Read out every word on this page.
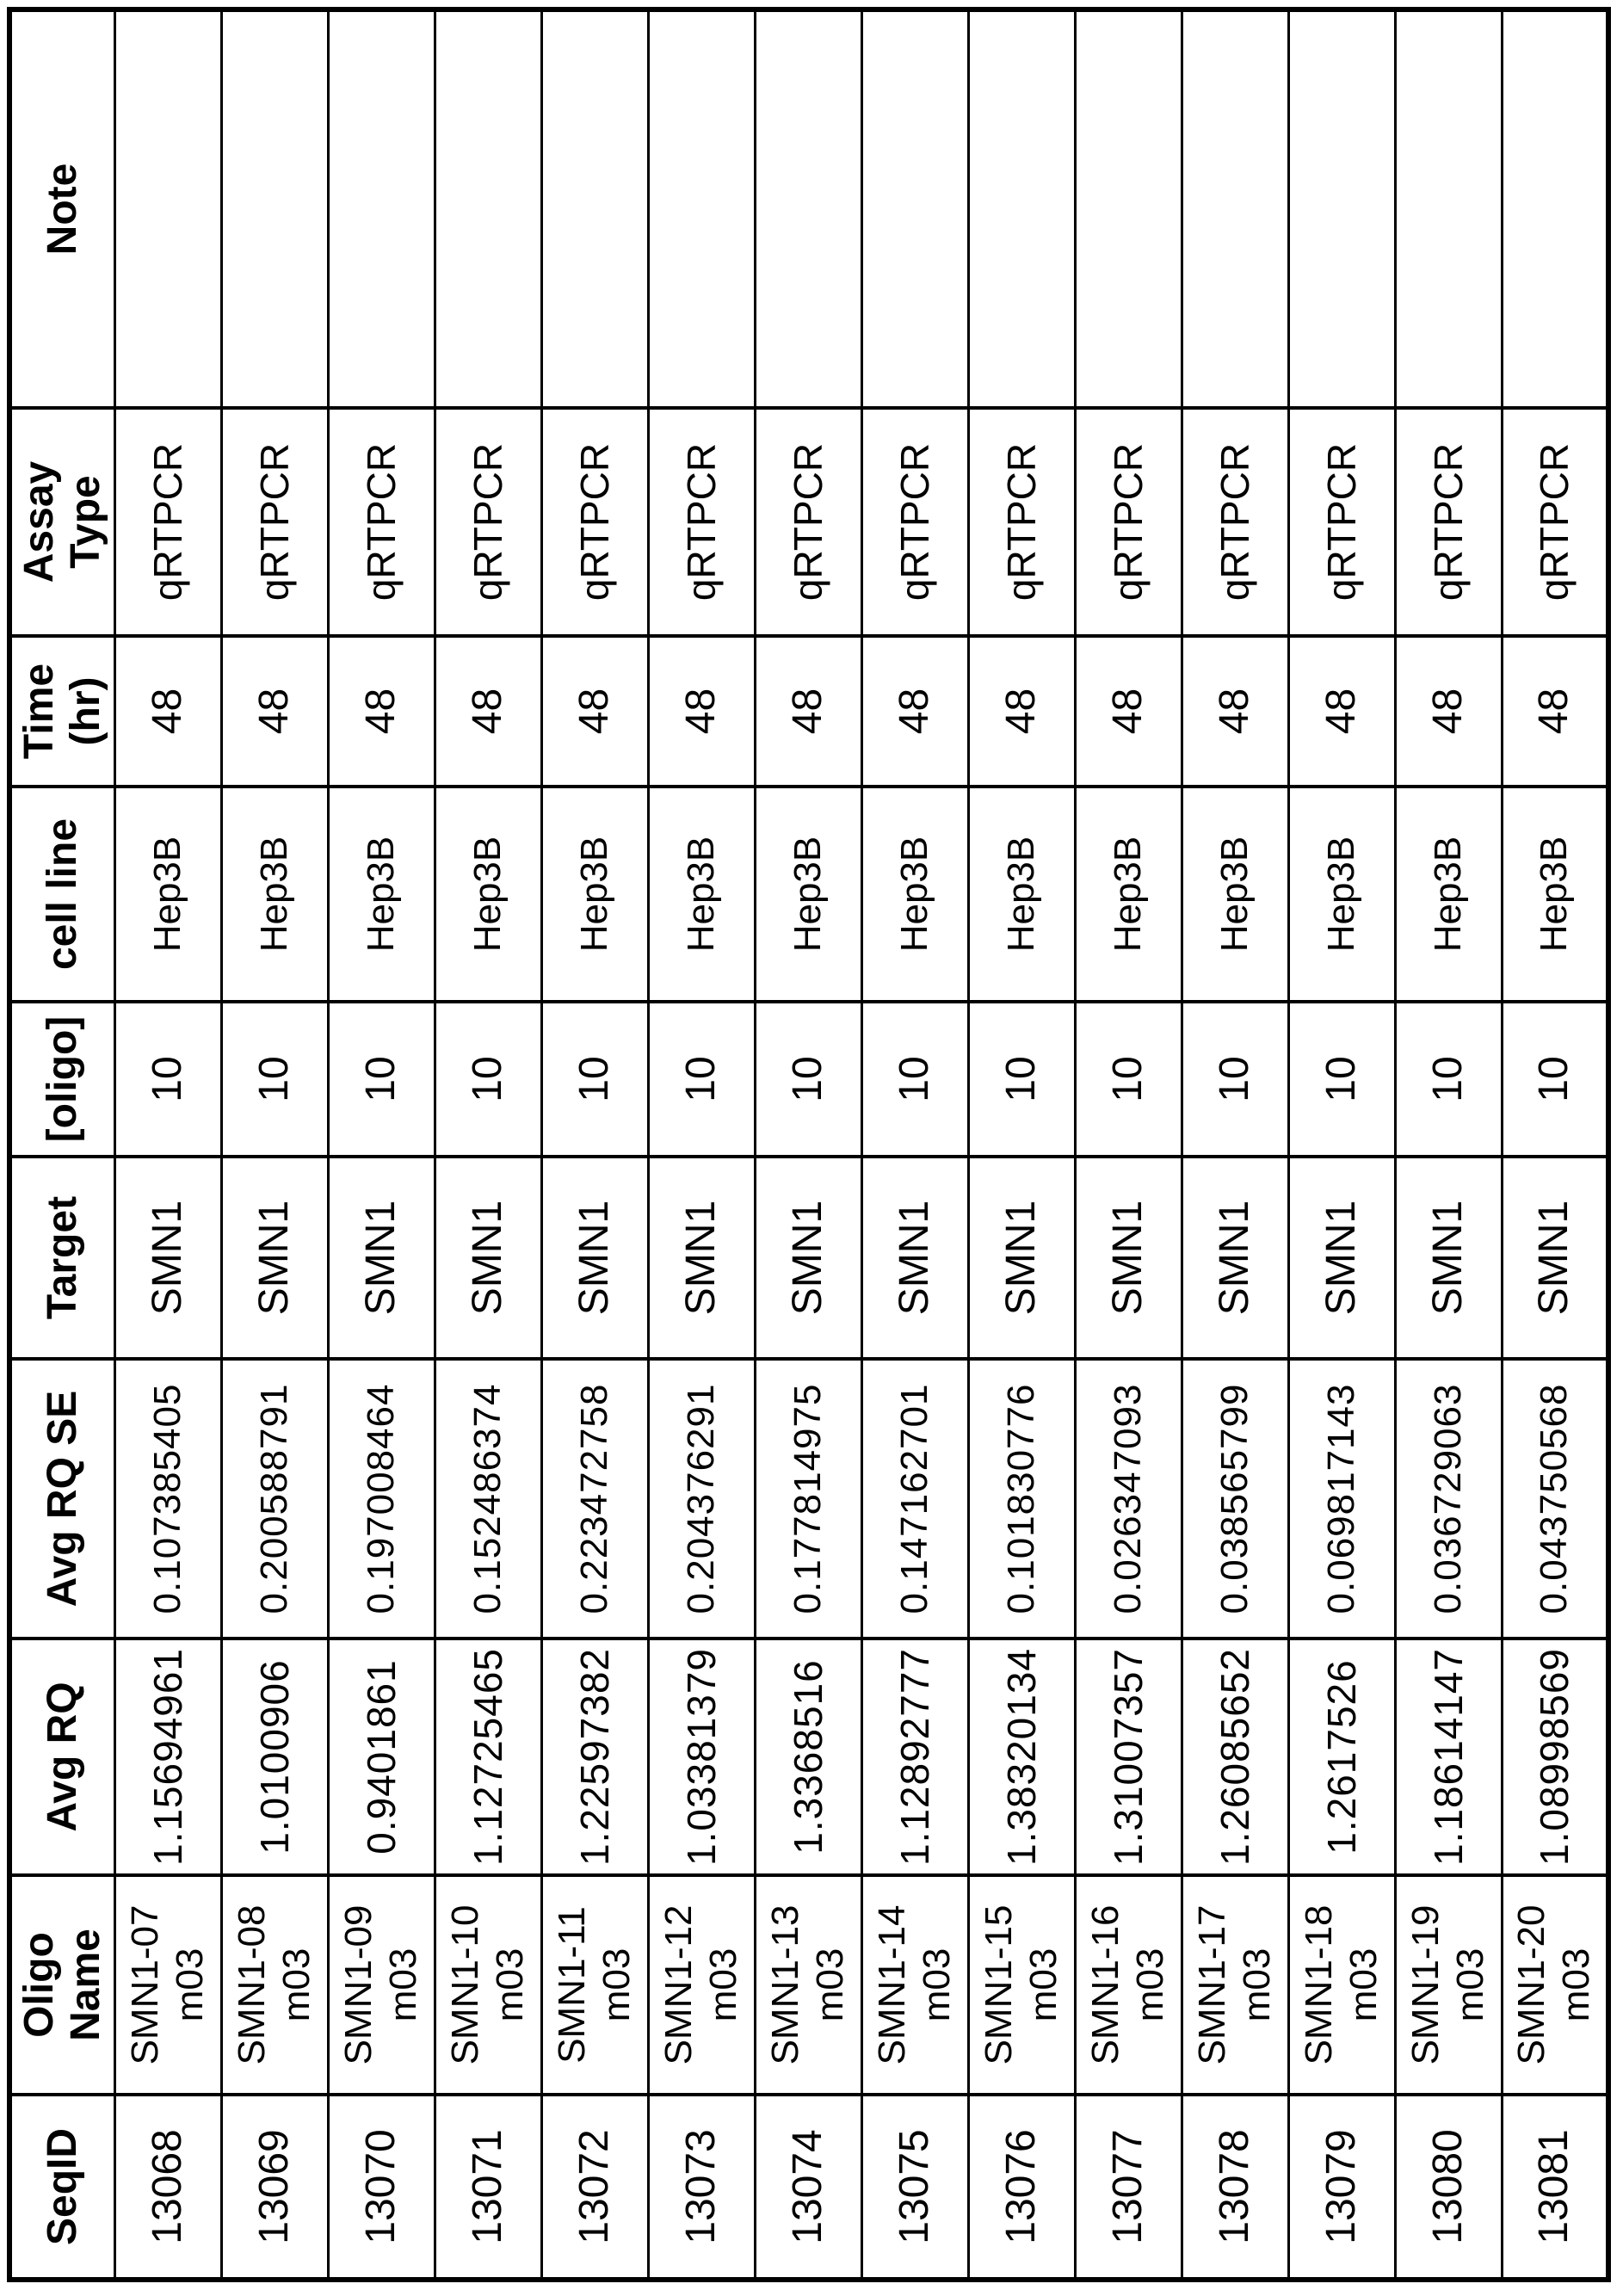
SeqID	Oligo Name	Avg RQ	Avg RQ SE	Target	[oligo]	cell line	Time (hr)	Assay Type	Note

13068	SMN1-07 m03	1.15694961	0.107385405	SMN1	10	Hep3B	48	qRTPCR	
13069	SMN1-08 m03	1.0100906	0.200588791	SMN1	10	Hep3B	48	qRTPCR	
13070	SMN1-09 m03	0.9401861	0.197008464	SMN1	10	Hep3B	48	qRTPCR	
13071	SMN1-10 m03	1.12725465	0.152486374	SMN1	10	Hep3B	48	qRTPCR	
13072	SMN1-11 m03	1.22597382	0.223472758	SMN1	10	Hep3B	48	qRTPCR	
13073	SMN1-12 m03	1.03381379	0.204376291	SMN1	10	Hep3B	48	qRTPCR	
13074	SMN1-13 m03	1.3368516	0.177814975	SMN1	10	Hep3B	48	qRTPCR	
13075	SMN1-14 m03	1.12892777	0.147162701	SMN1	10	Hep3B	48	qRTPCR	
13076	SMN1-15 m03	1.38320134	0.101830776	SMN1	10	Hep3B	48	qRTPCR	
13077	SMN1-16 m03	1.31007357	0.026347093	SMN1	10	Hep3B	48	qRTPCR	
13078	SMN1-17 m03	1.26085652	0.038565799	SMN1	10	Hep3B	48	qRTPCR	
13079	SMN1-18 m03	1.2617526	0.069817143	SMN1	10	Hep3B	48	qRTPCR	
13080	SMN1-19 m03	1.18614147	0.036729063	SMN1	10	Hep3B	48	qRTPCR	
13081	SMN1-20 m03	1.08998569	0.043750568	SMN1	10	Hep3B	48	qRTPCR	
